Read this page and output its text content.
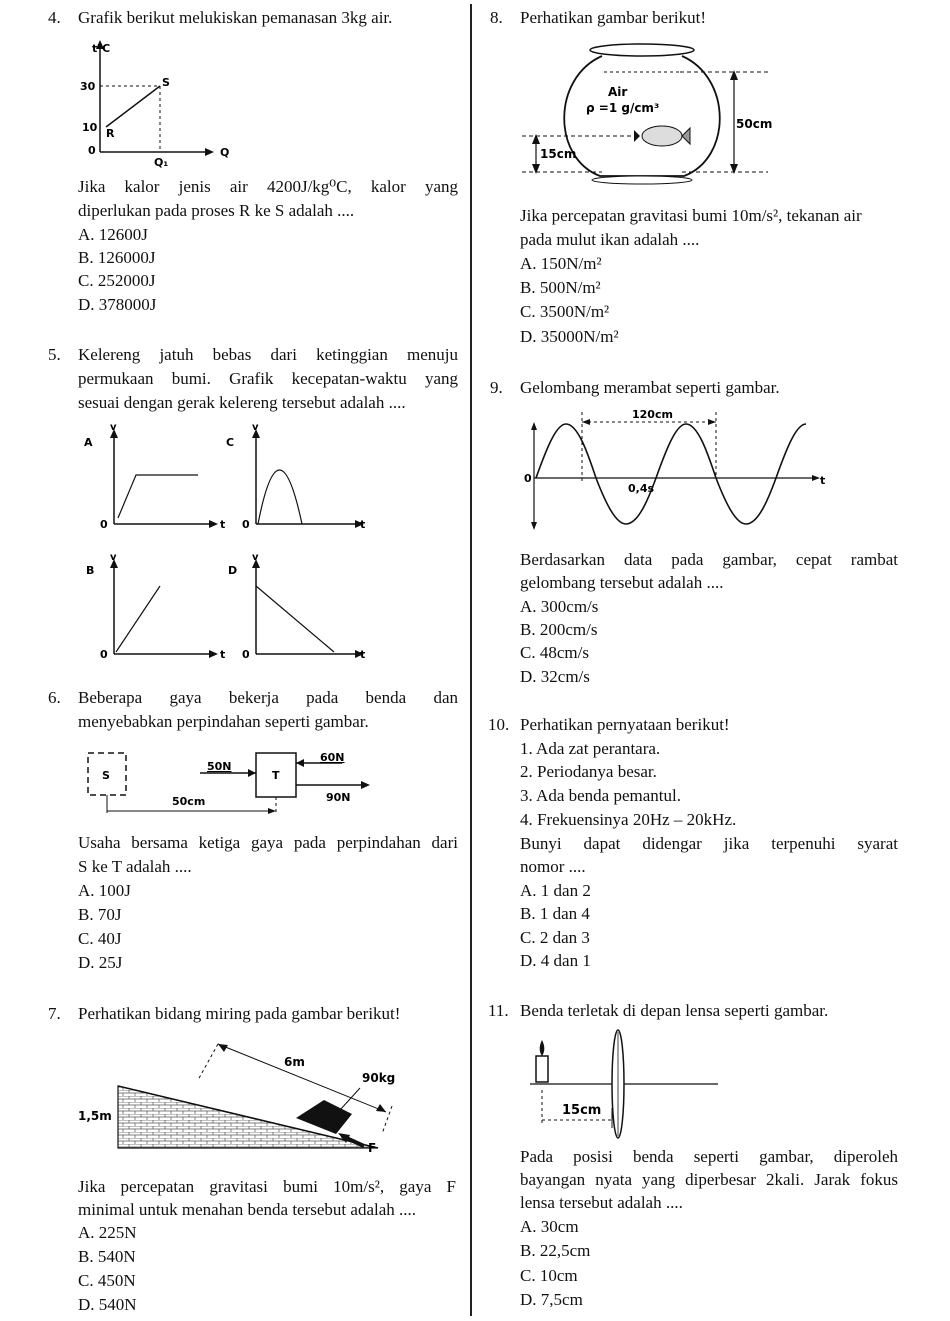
4. Grafik berikut melukiskan pemanasan 3kg air.
t⁰C
Q
30
10
0
Q₁
R
S
Jika kalor jenis air 4200J/kg⁰C, kalor yang
diperlukan pada proses R ke S adalah ....
A. 12600J
B. 126000J
C. 252000J
D. 378000J
5. Kelereng jatuh bebas dari ketinggian menuju
permukaan bumi. Grafik kecepatan-waktu yang
sesuai dengan gerak kelereng tersebut adalah ....
A
v
0	t
C
v
0	t
B
v
0	t
D
v
0	t
6. Beberapa gaya bekerja pada benda dan
menyebabkan perpindahan seperti gambar.
S	T
50N
60N
90N
50cm
Usaha bersama ketiga gaya pada perpindahan dari
S ke T adalah ....
A. 100J
B. 70J
C. 40J
D. 25J
7. Perhatikan bidang miring pada gambar berikut!
6m
90kg
1,5m
F
Jika percepatan gravitasi bumi 10m/s², gaya F
minimal untuk menahan benda tersebut adalah ....
A. 225N
B. 540N
C. 450N
D. 540N
8. Perhatikan gambar berikut!
Air
ρ =1 g/cm³
50cm
15cm
Jika percepatan gravitasi bumi 10m/s², tekanan air
pada mulut ikan adalah ....
A. 150N/m²
B. 500N/m²
C. 3500N/m²
D. 35000N/m²
9. Gelombang merambat seperti gambar.
120cm
0,4s
0	t
Berdasarkan data pada gambar, cepat rambat
gelombang tersebut adalah ....
A. 300cm/s
B. 200cm/s
C. 48cm/s
D. 32cm/s
10. Perhatikan pernyataan berikut!
1. Ada zat perantara.
2. Periodanya besar.
3. Ada benda pemantul.
4. Frekuensinya 20Hz – 20kHz.
Bunyi dapat didengar jika terpenuhi syarat
nomor ....
A. 1 dan 2
B. 1 dan 4
C. 2 dan 3
D. 4 dan 1
11. Benda terletak di depan lensa seperti gambar.
15cm
Pada posisi benda seperti gambar, diperoleh
bayangan nyata yang diperbesar 2kali. Jarak fokus
lensa tersebut adalah ....
A. 30cm
B. 22,5cm
C. 10cm
D. 7,5cm
